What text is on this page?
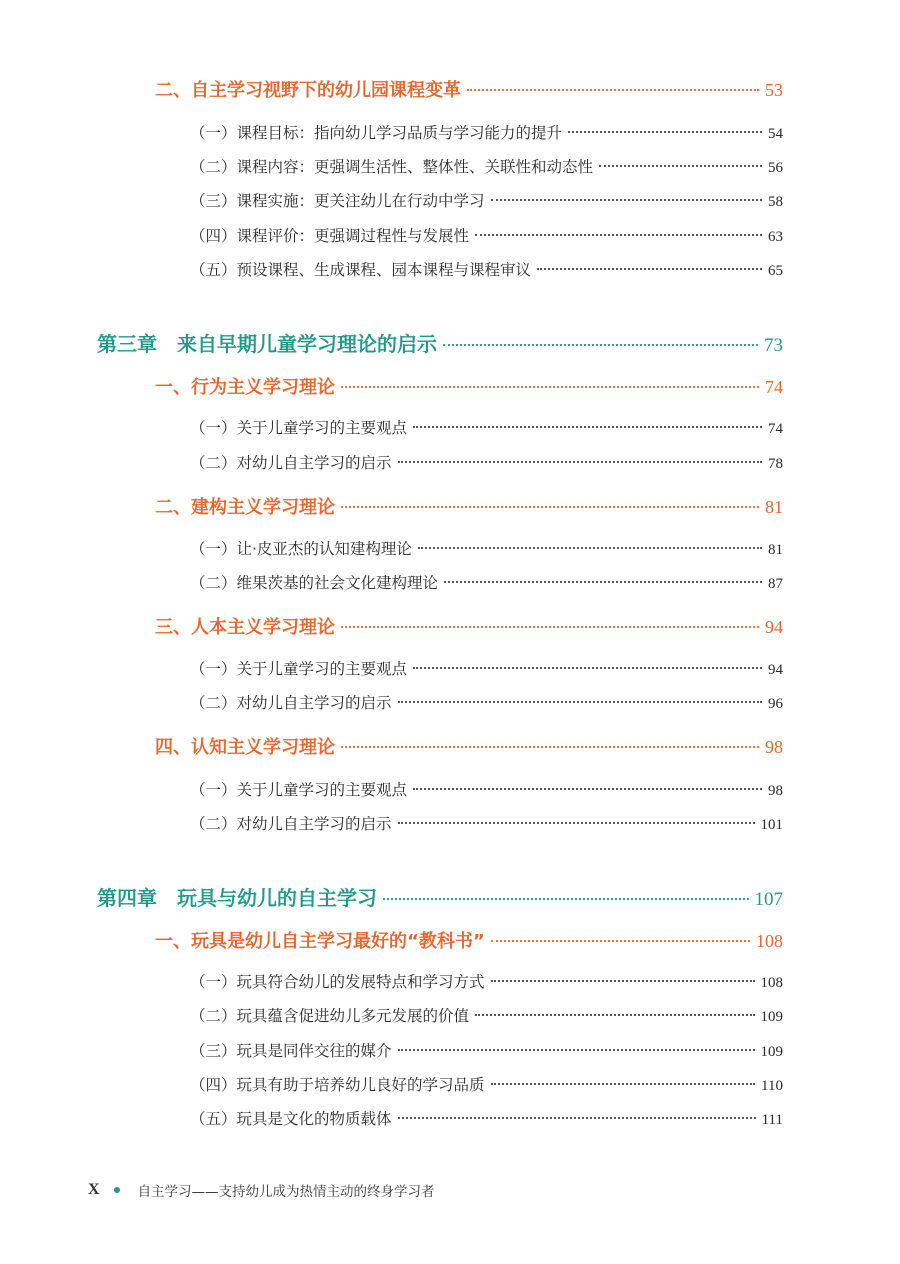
二、自主学习视野下的幼儿园课程变革	53
（一）课程目标：指向幼儿学习品质与学习能力的提升	54
（二）课程内容：更强调生活性、整体性、关联性和动态性	56
（三）课程实施：更关注幼儿在行动中学习	58
（四）课程评价：更强调过程性与发展性	63
（五）预设课程、生成课程、园本课程与课程审议	65
第三章　来自早期儿童学习理论的启示	73
一、行为主义学习理论	74
（一）关于儿童学习的主要观点	74
（二）对幼儿自主学习的启示	78
二、建构主义学习理论	81
（一）让·皮亚杰的认知建构理论	81
（二）维果茨基的社会文化建构理论	87
三、人本主义学习理论	94
（一）关于儿童学习的主要观点	94
（二）对幼儿自主学习的启示	96
四、认知主义学习理论	98
（一）关于儿童学习的主要观点	98
（二）对幼儿自主学习的启示	101
第四章　玩具与幼儿的自主学习	107
一、玩具是幼儿自主学习最好的“教科书”	108
（一）玩具符合幼儿的发展特点和学习方式	108
（二）玩具蕴含促进幼儿多元发展的价值	109
（三）玩具是同伴交往的媒介	109
（四）玩具有助于培养幼儿良好的学习品质	110
（五）玩具是文化的物质载体	111
X	自主学习——支持幼儿成为热情主动的终身学习者
